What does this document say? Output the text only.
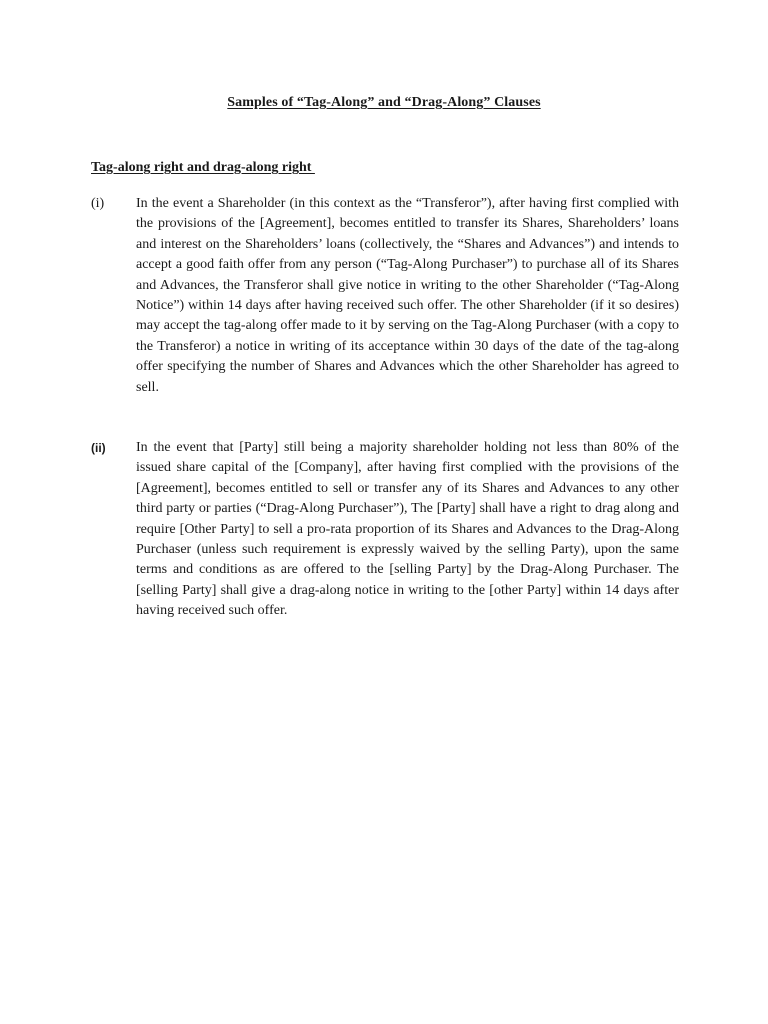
Samples of “Tag-Along” and “Drag-Along” Clauses
Tag-along right and drag-along right
(i) In the event a Shareholder (in this context as the “Transferor”), after having first complied with the provisions of the [Agreement], becomes entitled to transfer its Shares, Shareholders’ loans and interest on the Shareholders’ loans (collectively, the “Shares and Advances”) and intends to accept a good faith offer from any person (“Tag-Along Purchaser”) to purchase all of its Shares and Advances, the Transferor shall give notice in writing to the other Shareholder (“Tag-Along Notice”) within 14 days after having received such offer. The other Shareholder (if it so desires) may accept the tag-along offer made to it by serving on the Tag-Along Purchaser (with a copy to the Transferor) a notice in writing of its acceptance within 30 days of the date of the tag-along offer specifying the number of Shares and Advances which the other Shareholder has agreed to sell.
(ii) In the event that [Party] still being a majority shareholder holding not less than 80% of the issued share capital of the [Company], after having first complied with the provisions of the [Agreement], becomes entitled to sell or transfer any of its Shares and Advances to any other third party or parties (“Drag-Along Purchaser”), The [Party] shall have a right to drag along and require [Other Party] to sell a pro-rata proportion of its Shares and Advances to the Drag-Along Purchaser (unless such requirement is expressly waived by the selling Party), upon the same terms and conditions as are offered to the [selling Party] by the Drag-Along Purchaser. The [selling Party] shall give a drag-along notice in writing to the [other Party] within 14 days after having received such offer.
